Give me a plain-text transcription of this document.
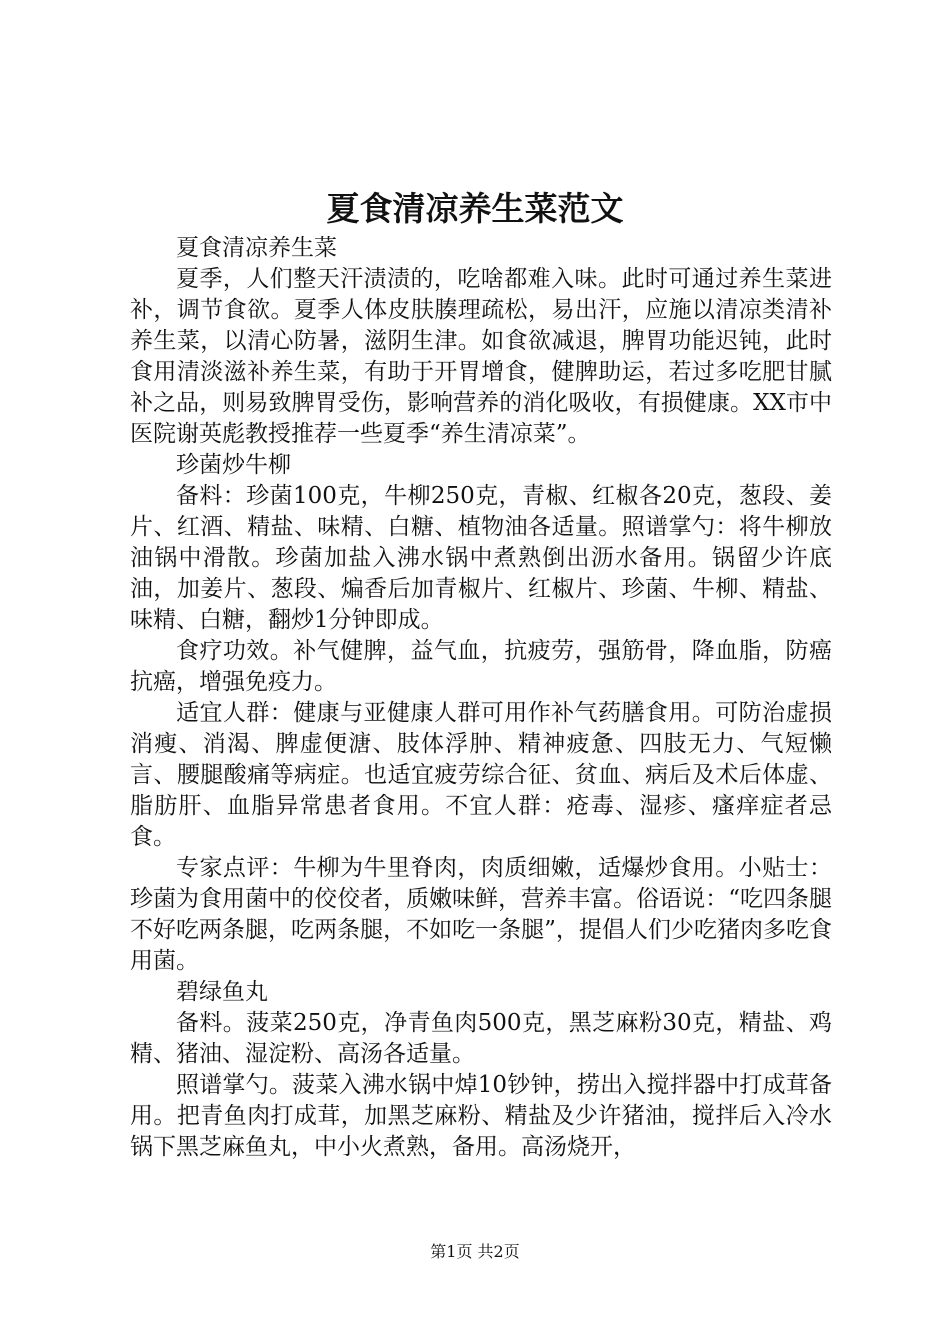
夏食清凉养生菜范文

夏食清凉养生菜

夏季，人们整天汗渍渍的，吃啥都难入味。此时可通过养生菜进补，调节食欲。夏季人体皮肤腠理疏松，易出汗，应施以清凉类清补养生菜，以清心防暑，滋阴生津。如食欲减退，脾胃功能迟钝，此时食用清淡滋补养生菜，有助于开胃增食，健脾助运，若过多吃肥甘腻补之品，则易致脾胃受伤，影响营养的消化吸收，有损健康。XX市中医院谢英彪教授推荐一些夏季“养生清凉菜”。

珍菌炒牛柳

备料：珍菌100克，牛柳250克，青椒、红椒各20克，葱段、姜片、红酒、精盐、味精、白糖、植物油各适量。照谱掌勺：将牛柳放油锅中滑散。珍菌加盐入沸水锅中煮熟倒出沥水备用。锅留少许底油，加姜片、葱段、煸香后加青椒片、红椒片、珍菌、牛柳、精盐、味精、白糖，翻炒1分钟即成。

食疗功效。补气健脾，益气血，抗疲劳，强筋骨，降血脂，防癌抗癌，增强免疫力。

适宜人群：健康与亚健康人群可用作补气药膳食用。可防治虚损消瘦、消渴、脾虚便溏、肢体浮肿、精神疲惫、四肢无力、气短懒言、腰腿酸痛等病症。也适宜疲劳综合征、贫血、病后及术后体虚、脂肪肝、血脂异常患者食用。不宜人群：疮毒、湿疹、瘙痒症者忌食。

专家点评：牛柳为牛里脊肉，肉质细嫩，适爆炒食用。小贴士：珍菌为食用菌中的佼佼者，质嫩味鲜，营养丰富。俗语说：“吃四条腿不好吃两条腿，吃两条腿，不如吃一条腿”，提倡人们少吃猪肉多吃食用菌。

碧绿鱼丸

备料。菠菜250克，净青鱼肉500克，黑芝麻粉30克，精盐、鸡精、猪油、湿淀粉、高汤各适量。

照谱掌勺。菠菜入沸水锅中焯10钞钟，捞出入搅拌器中打成茸备用。把青鱼肉打成茸，加黑芝麻粉、精盐及少许猪油，搅拌后入冷水锅下黑芝麻鱼丸，中小火煮熟，备用。高汤烧开，

第1页 共2页
